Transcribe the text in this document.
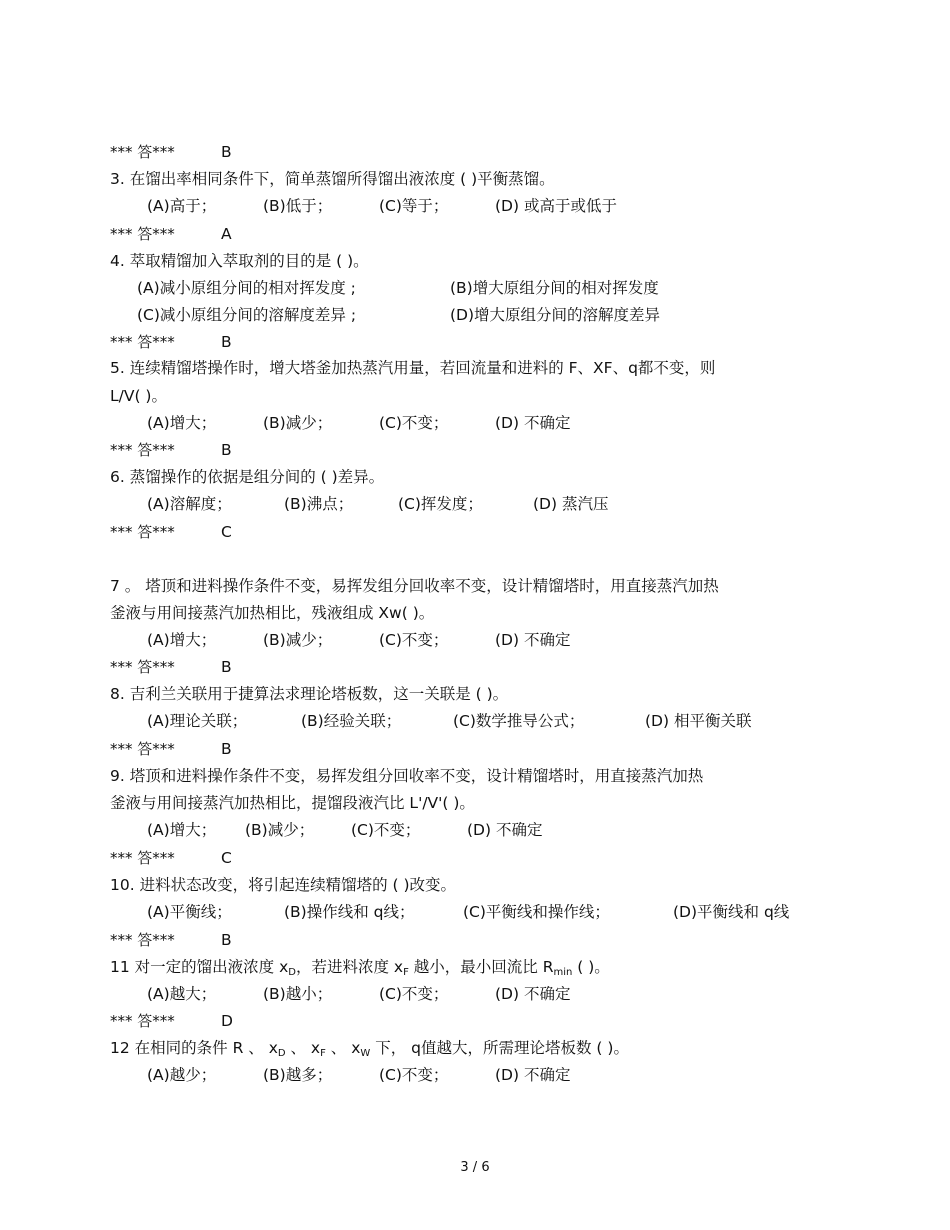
*** 答***	B
3. 在馏出率相同条件下，简单蒸馏所得馏出液浓度 ( )平衡蒸馏。
(A)高于；	(B)低于；	(C)等于；	(D) 或高于或低于
*** 答***	A
4. 萃取精馏加入萃取剂的目的是 ( )。
(A)减小原组分间的相对挥发度 ;	(B)增大原组分间的相对挥发度
(C)减小原组分间的溶解度差异 ;	(D)增大原组分间的溶解度差异
*** 答***	B
5. 连续精馏塔操作时，增大塔釜加热蒸汽用量，若回流量和进料的 F、XF、q都不变，则
L/V( )。
(A)增大；	(B)减少；	(C)不变；	(D) 不确定
*** 答***	B
6. 蒸馏操作的依据是组分间的 ( )差异。
(A)溶解度；	(B)沸点；	(C)挥发度；	(D) 蒸汽压
*** 答***	C
7 。 塔顶和进料操作条件不变，易挥发组分回收率不变，设计精馏塔时，用直接蒸汽加热
釜液与用间接蒸汽加热相比，残液组成 Xw( )。
(A)增大；	(B)减少；	(C)不变；	(D) 不确定
*** 答***	B
8. 吉利兰关联用于捷算法求理论塔板数，这一关联是 ( )。
(A)理论关联；	(B)经验关联；	(C)数学推导公式；	(D) 相平衡关联
*** 答***	B
9. 塔顶和进料操作条件不变，易挥发组分回收率不变，设计精馏塔时，用直接蒸汽加热
釜液与用间接蒸汽加热相比，提馏段液汽比 L'/V'( )。
(A)增大； (B)减少； (C)不变；	(D) 不确定
*** 答***	C
10. 进料状态改变，将引起连续精馏塔的 ( )改变。
(A)平衡线；	(B)操作线和 q线；	(C)平衡线和操作线；	(D)平衡线和 q线
*** 答***	B
11 对一定的馏出液浓度 $x_D$，若进料浓度 $x_F$ 越小，最小回流比 $R_{min}$ ( )。
(A)越大；	(B)越小；	(C)不变；	(D) 不确定
*** 答***	D
12 在相同的条件 R 、 $x_D$ 、 $x_F$ 、 $x_W$ 下， q值越大，所需理论塔板数 ( )。
(A)越少；	(B)越多；	(C)不变；	(D) 不确定
3 / 6
